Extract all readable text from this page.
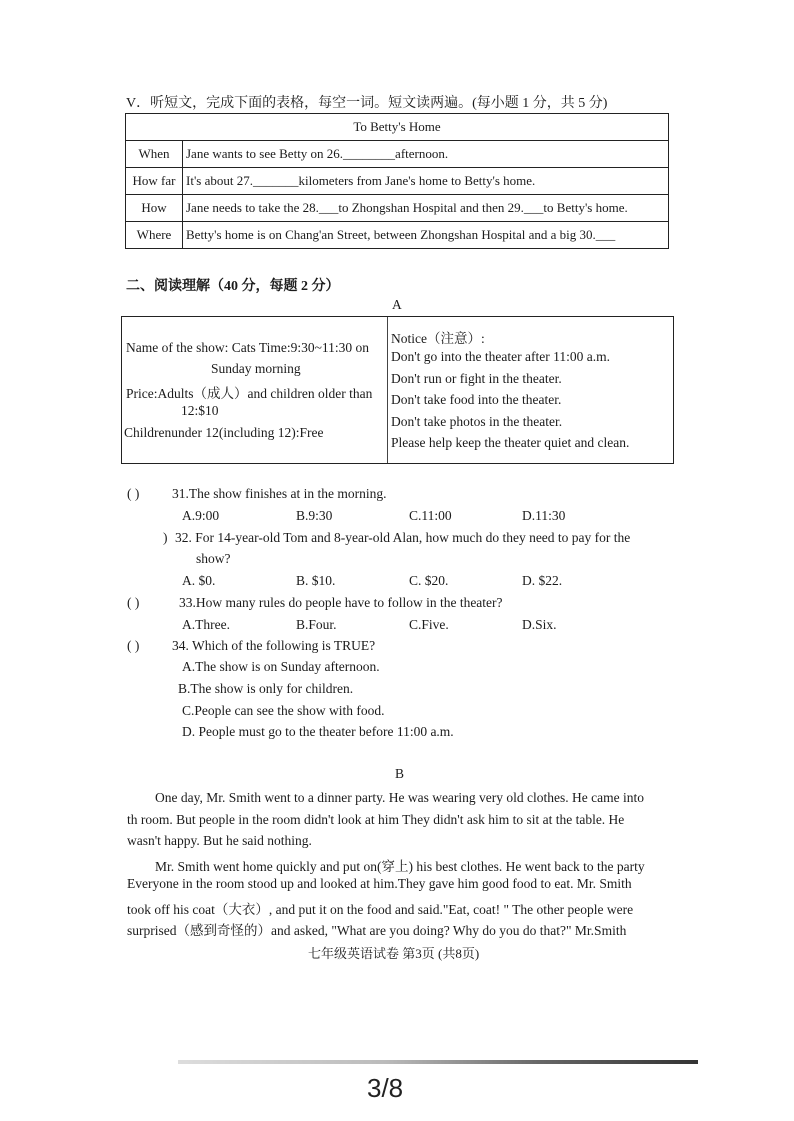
V．听短文，完成下面的表格，每空一词。短文读两遍。(每小题 1 分，共 5 分)
To Betty's Home	
When	Jane wants to see Betty on 26.________afternoon.
How far	It's about 27._______kilometers from Jane's home to Betty's home.
How	Jane needs to take the 28.___to Zhongshan Hospital and then 29.___to Betty's home.
Where	Betty's home is on Chang'an Street, between Zhongshan Hospital and a big 30.___
二、阅读理解（40 分，每题 2 分）
A
Name of the show: Cats Time:9:30~11:30 on
Sunday morning
Price:Adults（成人）and children older than
12:$10
Childrenunder 12(including 12):Free
Notice（注意）:
Don't go into the theater after 11:00 a.m.
Don't run or fight in the theater.
Don't take food into the theater.
Don't take photos in the theater.
Please help keep the theater quiet and clean.
( ) 31.The show finishes at in the morning.
A.9:00	B.9:30	C.11:00	D.11:30
) 32. For 14-year-old Tom and 8-year-old Alan, how much do they need to pay for the
show?
A. $0.	B. $10.	C. $20.	D. $22.
( )	33.How many rules do people have to follow in the theater?
A.Three.	B.Four.	C.Five.	D.Six.
( ) 34. Which of the following is TRUE?
A.The show is on Sunday afternoon.
B.The show is only for children.
C.People can see the show with food.
D. People must go to the theater before 11:00 a.m.
B
One day, Mr. Smith went to a dinner party. He was wearing very old clothes. He came into
th room. But people in the room didn't look at him They didn't ask him to sit at the table. He
wasn't happy. But he said nothing.
Mr. Smith went home quickly and put on(穿上) his best clothes. He went back to the party
Everyone in the room stood up and looked at him.They gave him good food to eat. Mr. Smith
took off his coat（大衣）, and put it on the food and said."Eat, coat! " The other people were
surprised（感到奇怪的）and asked, "What are you doing? Why do you do that?" Mr.Smith
七年级英语试卷 第3页 (共8页)
3/8
